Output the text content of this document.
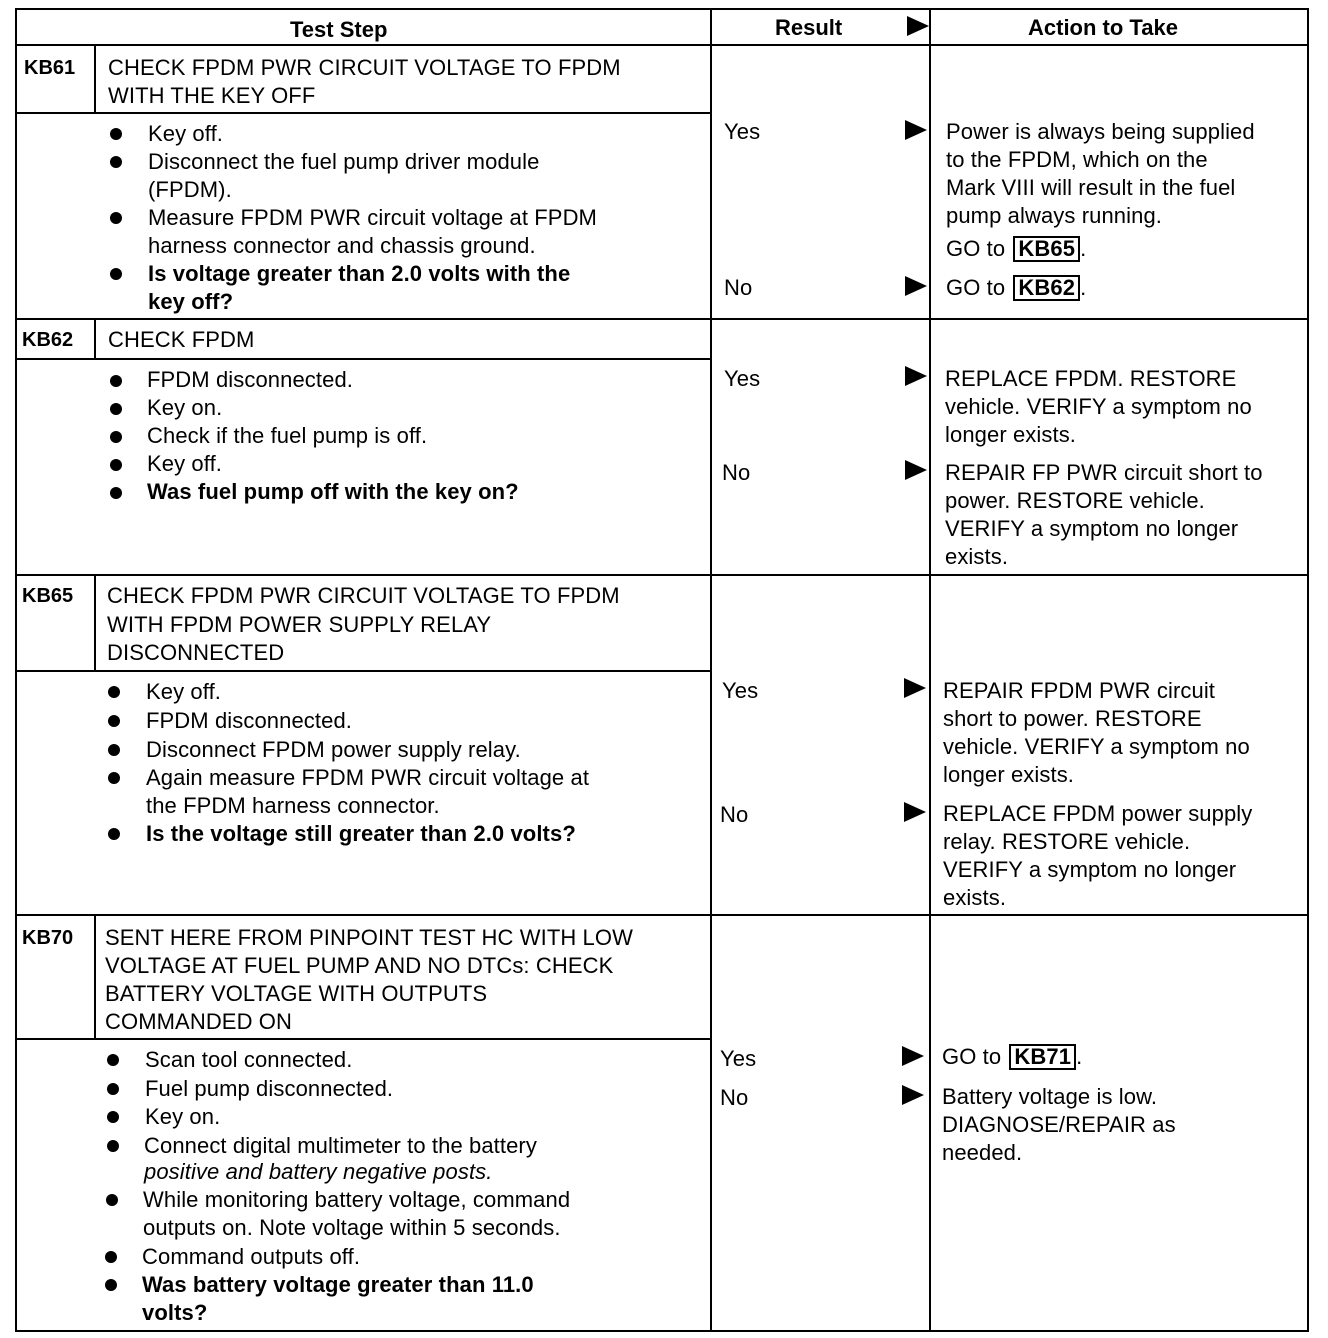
Test Step	Result	Action to Take
KB61 CHECK FPDM PWR CIRCUIT VOLTAGE TO FPDM
WITH THE KEY OFF
Key off.
Disconnect the fuel pump driver module
(FPDM).
Measure FPDM PWR circuit voltage at FPDM
harness connector and chassis ground.
Is voltage greater than 2.0 volts with the
key off?
Yes	Power is always being supplied
to the FPDM, which on the
Mark VIII will result in the fuel
pump always running.
GO to KB65 .
No	GO to KB62 .
KB62 CHECK FPDM
FPDM disconnected.
Key on.
Check if the fuel pump is off.
Key off.
Was fuel pump off with the key on?
Yes	REPLACE FPDM. RESTORE
vehicle. VERIFY a symptom no
longer exists.
No	REPAIR FP PWR circuit short to
power. RESTORE vehicle.
VERIFY a symptom no longer
exists.
KB65 CHECK FPDM PWR CIRCUIT VOLTAGE TO FPDM
WITH FPDM POWER SUPPLY RELAY
DISCONNECTED
Key off.
FPDM disconnected.
Disconnect FPDM power supply relay.
Again measure FPDM PWR circuit voltage at
the FPDM harness connector.
Is the voltage still greater than 2.0 volts?
Yes	REPAIR FPDM PWR circuit
short to power. RESTORE
vehicle. VERIFY a symptom no
longer exists.
No	REPLACE FPDM power supply
relay. RESTORE vehicle.
VERIFY a symptom no longer
exists.
KB70 SENT HERE FROM PINPOINT TEST HC WITH LOW
VOLTAGE AT FUEL PUMP AND NO DTCs: CHECK
BATTERY VOLTAGE WITH OUTPUTS
COMMANDED ON
Scan tool connected.
Fuel pump disconnected.
Key on.
Connect digital multimeter to the battery
positive and battery negative posts.
While monitoring battery voltage, command
outputs on. Note voltage within 5 seconds.
Command outputs off.
Was battery voltage greater than 11.0
volts?
Yes	GO to KB71 .
No	Battery voltage is low.
DIAGNOSE/REPAIR as
needed.
